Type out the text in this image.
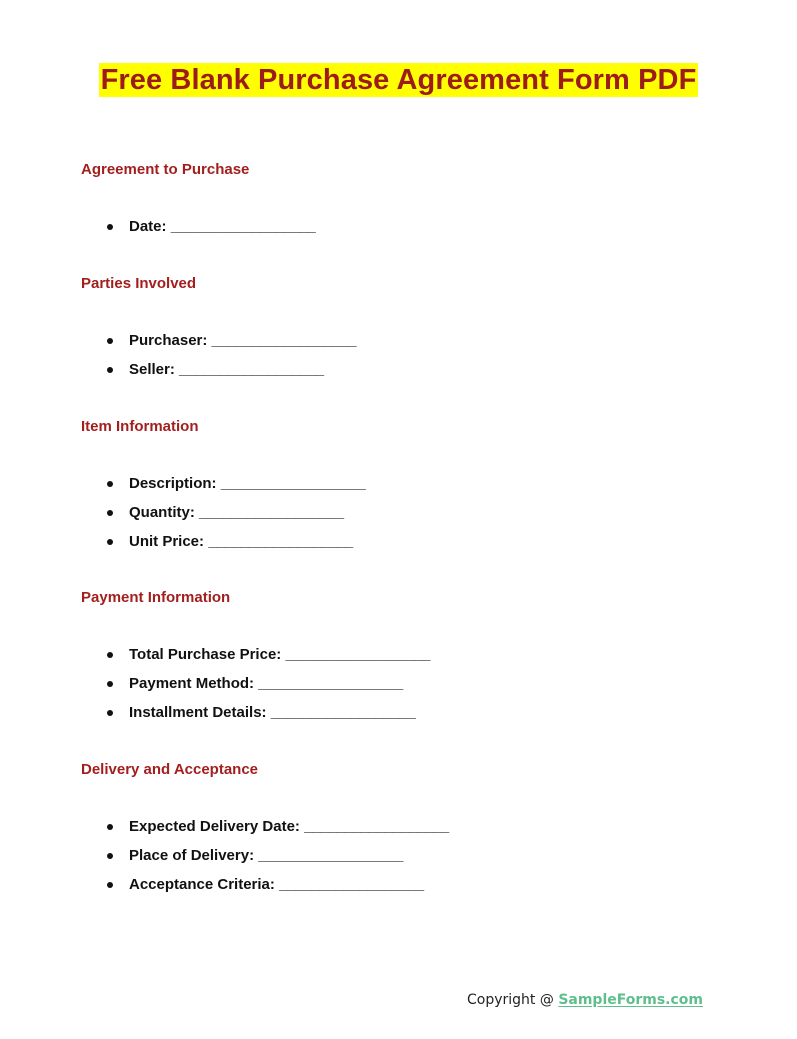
Free Blank Purchase Agreement Form PDF
Agreement to Purchase
Date: __________________
Parties Involved
Purchaser: __________________
Seller: __________________
Item Information
Description: __________________
Quantity: __________________
Unit Price: __________________
Payment Information
Total Purchase Price: __________________
Payment Method: __________________
Installment Details: __________________
Delivery and Acceptance
Expected Delivery Date: __________________
Place of Delivery: __________________
Acceptance Criteria: __________________
Copyright @ SampleForms.com
